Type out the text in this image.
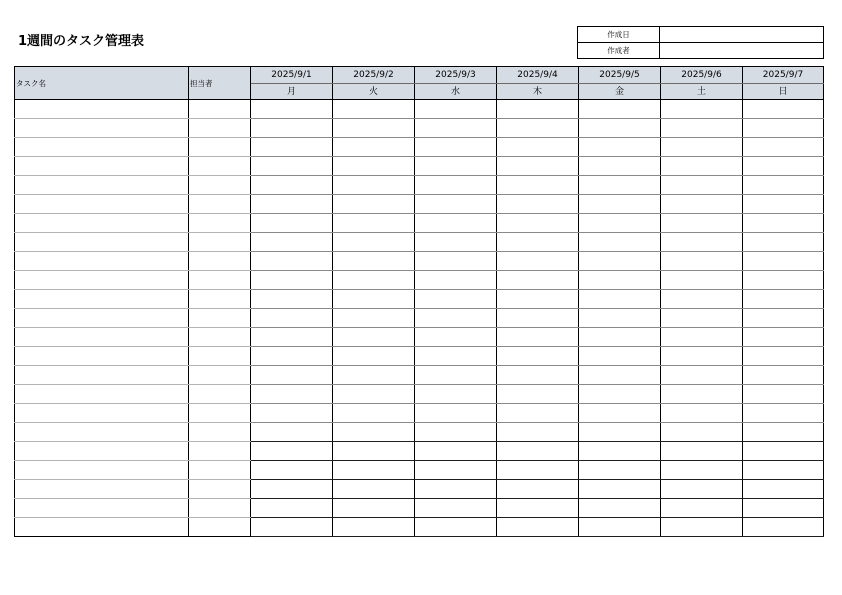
1週間のタスク管理表	作成日	
作成者	
タスク名	担当者	2025/9/1	2025/9/2	2025/9/3	2025/9/4	2025/9/5	2025/9/6	2025/9/7
		月	火	水	木	金	土	日
